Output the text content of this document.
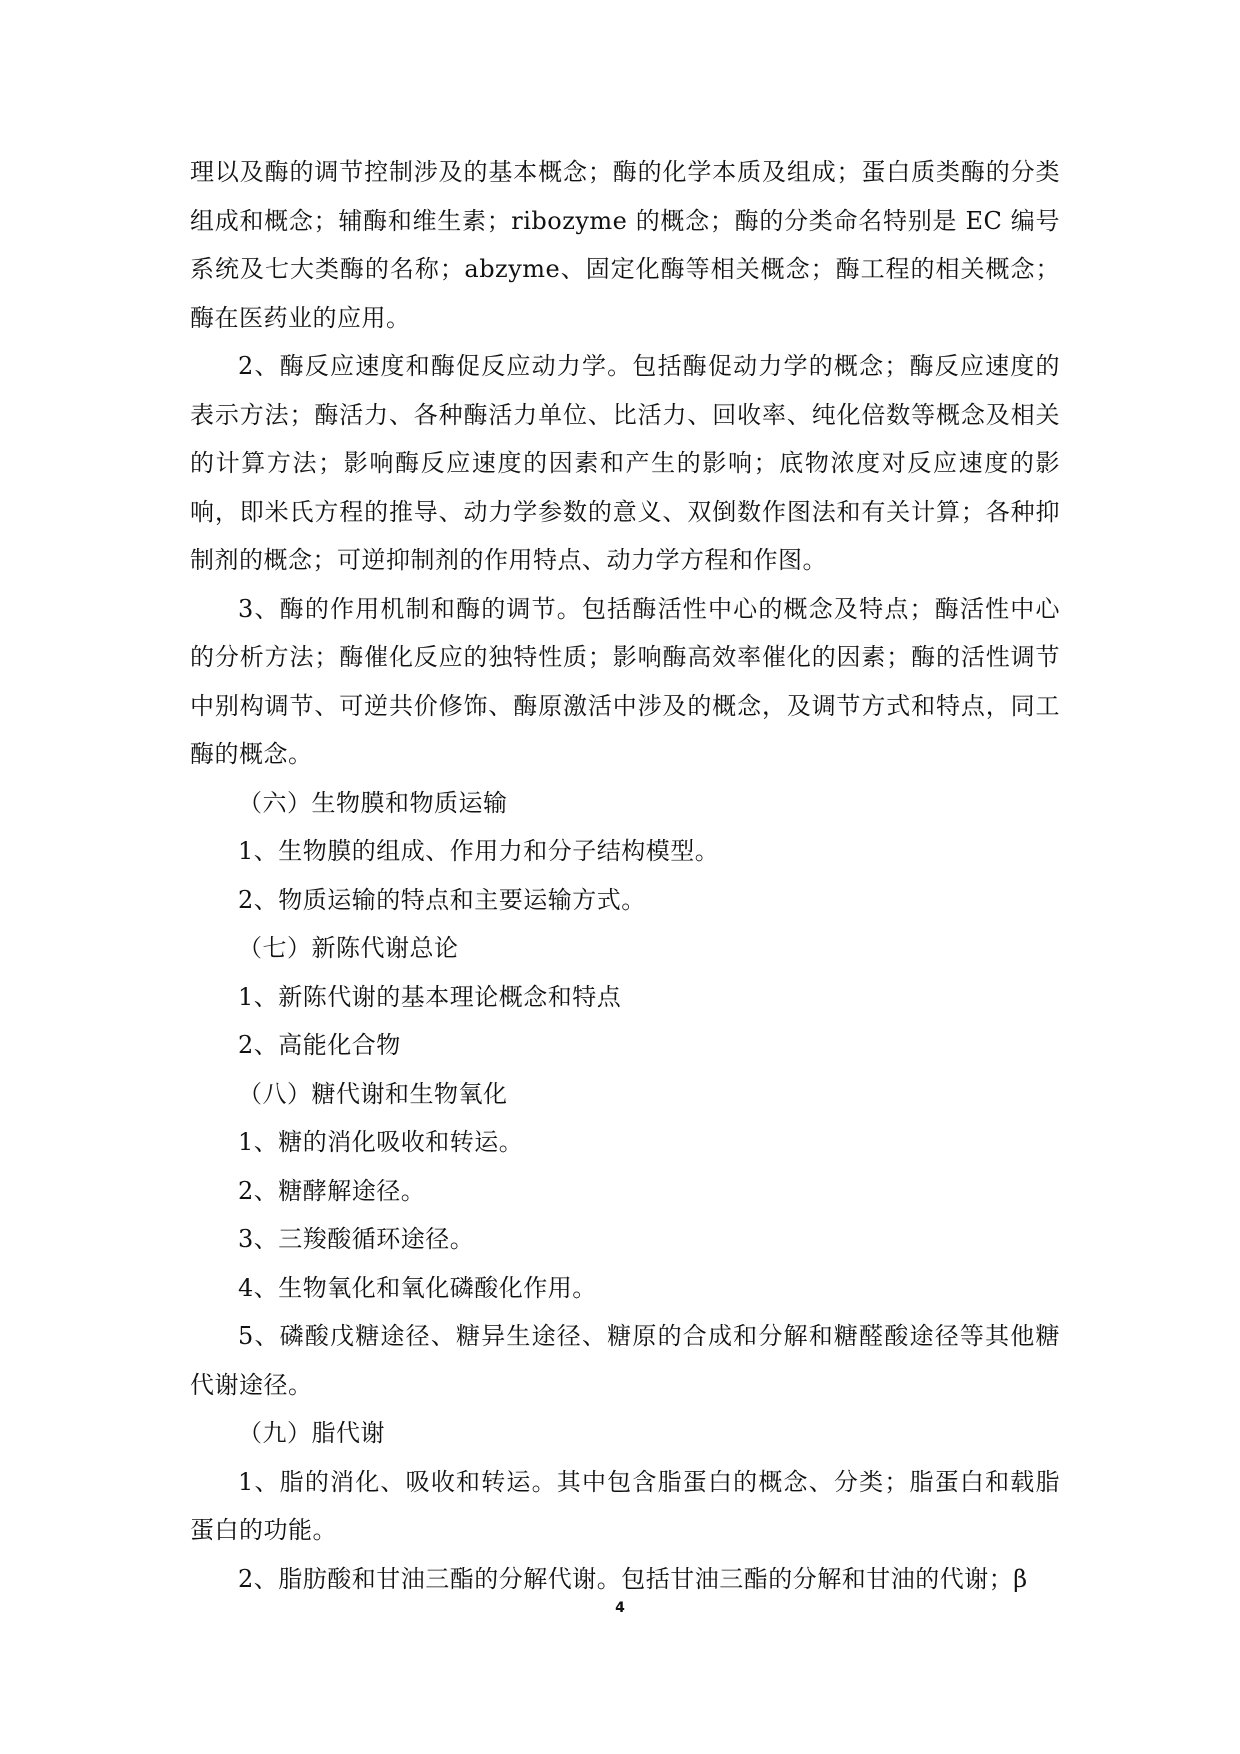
理以及酶的调节控制涉及的基本概念；酶的化学本质及组成；蛋白质类酶的分类组成和概念；辅酶和维生素；ribozyme 的概念；酶的分类命名特别是 EC 编号系统及七大类酶的名称；abzyme、固定化酶等相关概念；酶工程的相关概念；酶在医药业的应用。

2、酶反应速度和酶促反应动力学。包括酶促动力学的概念；酶反应速度的表示方法；酶活力、各种酶活力单位、比活力、回收率、纯化倍数等概念及相关的计算方法；影响酶反应速度的因素和产生的影响；底物浓度对反应速度的影响，即米氏方程的推导、动力学参数的意义、双倒数作图法和有关计算；各种抑制剂的概念；可逆抑制剂的作用特点、动力学方程和作图。

3、酶的作用机制和酶的调节。包括酶活性中心的概念及特点；酶活性中心的分析方法；酶催化反应的独特性质；影响酶高效率催化的因素；酶的活性调节中别构调节、可逆共价修饰、酶原激活中涉及的概念，及调节方式和特点，同工酶的概念。

（六）生物膜和物质运输

1、生物膜的组成、作用力和分子结构模型。

2、物质运输的特点和主要运输方式。

（七）新陈代谢总论

1、新陈代谢的基本理论概念和特点

2、高能化合物

（八）糖代谢和生物氧化

1、糖的消化吸收和转运。

2、糖酵解途径。

3、三羧酸循环途径。

4、生物氧化和氧化磷酸化作用。

5、磷酸戊糖途径、糖异生途径、糖原的合成和分解和糖醛酸途径等其他糖代谢途径。

（九）脂代谢

1、脂的消化、吸收和转运。其中包含脂蛋白的概念、分类；脂蛋白和载脂蛋白的功能。

2、脂肪酸和甘油三酯的分解代谢。包括甘油三酯的分解和甘油的代谢；β

4
